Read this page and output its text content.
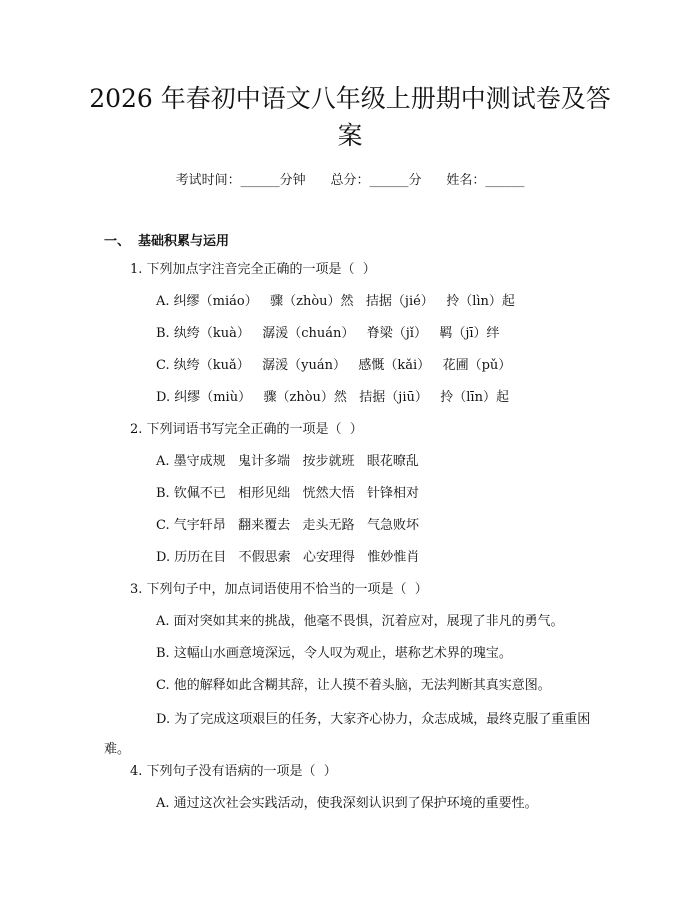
2026 年春初中语文八年级上册期中测试卷及答案
考试时间：______分钟 总分：______分 姓名：______
一、 基础积累与运用
1. 下列加点字注音完全正确的一项是（  ）
A. 纠缪（miáo）   骤（zhòu）然   拮据（jié）   拎（lìn）起
B. 纨绔（kuà）   潺湲（chuán）   脊梁（jǐ）   羁（jī）绊
C. 纨绔（kuǎ）   潺湲（yuán）   感慨（kǎi）   花圃（pǔ）
D. 纠缪（miù）   骤（zhòu）然   拮据（jiū）   拎（līn）起
2. 下列词语书写完全正确的一项是（  ）
A. 墨守成规   鬼计多端   按步就班   眼花暸乱
B. 钦佩不已   相形见绌   恍然大悟   针锋相对
C. 气宇轩昂   翻来覆去   走头无路   气急败坏
D. 历历在目   不假思索   心安理得   惟妙惟肖
3. 下列句子中，加点词语使用不恰当的一项是（  ）
A. 面对突如其来的挑战，他毫不畏惧，沉着应对，展现了非凡的勇气。
B. 这幅山水画意境深远，令人叹为观止，堪称艺术界的瑰宝。
C. 他的解释如此含糊其辞，让人摸不着头脑，无法判断其真实意图。
D. 为了完成这项艰巨的任务，大家齐心协力，众志成城，最终克服了重重困难。
4. 下列句子没有语病的一项是（  ）
A. 通过这次社会实践活动，使我深刻认识到了保护环境的重要性。
